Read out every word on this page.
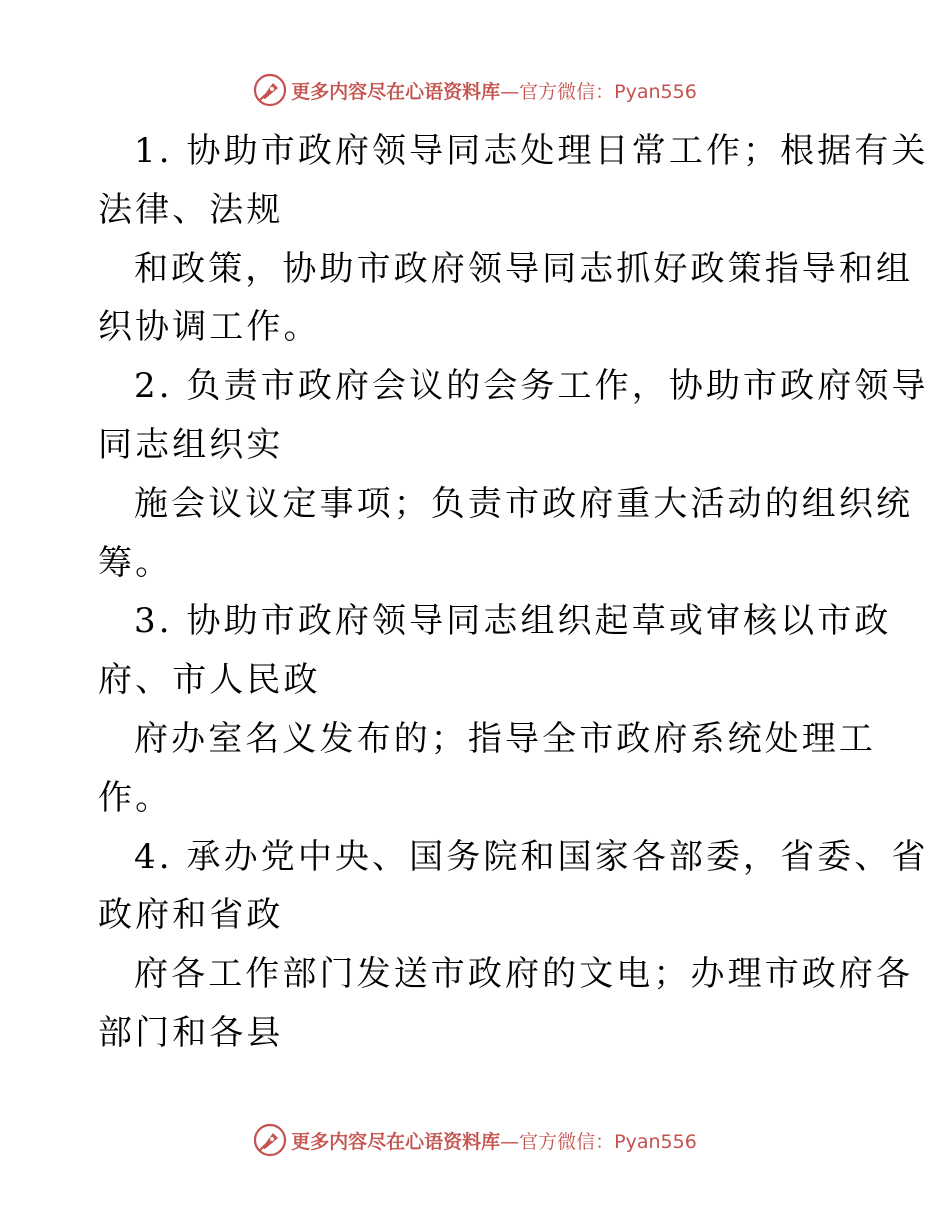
更多内容尽在心语资料库 —官方微信：Pyan556
1. 协助市政府领导同志处理日常工作；根据有关
法律、法规
和政策，协助市政府领导同志抓好政策指导和组
织协调工作。
2. 负责市政府会议的会务工作，协助市政府领导
同志组织实
施会议议定事项；负责市政府重大活动的组织统
筹。
3. 协助市政府领导同志组织起草或审核以市政
府、市人民政
府办室名义发布的；指导全市政府系统处理工
作。
4. 承办党中央、国务院和国家各部委，省委、省
政府和省政
府各工作部门发送市政府的文电；办理市政府各
部门和各县
更多内容尽在心语资料库 —官方微信：Pyan556
